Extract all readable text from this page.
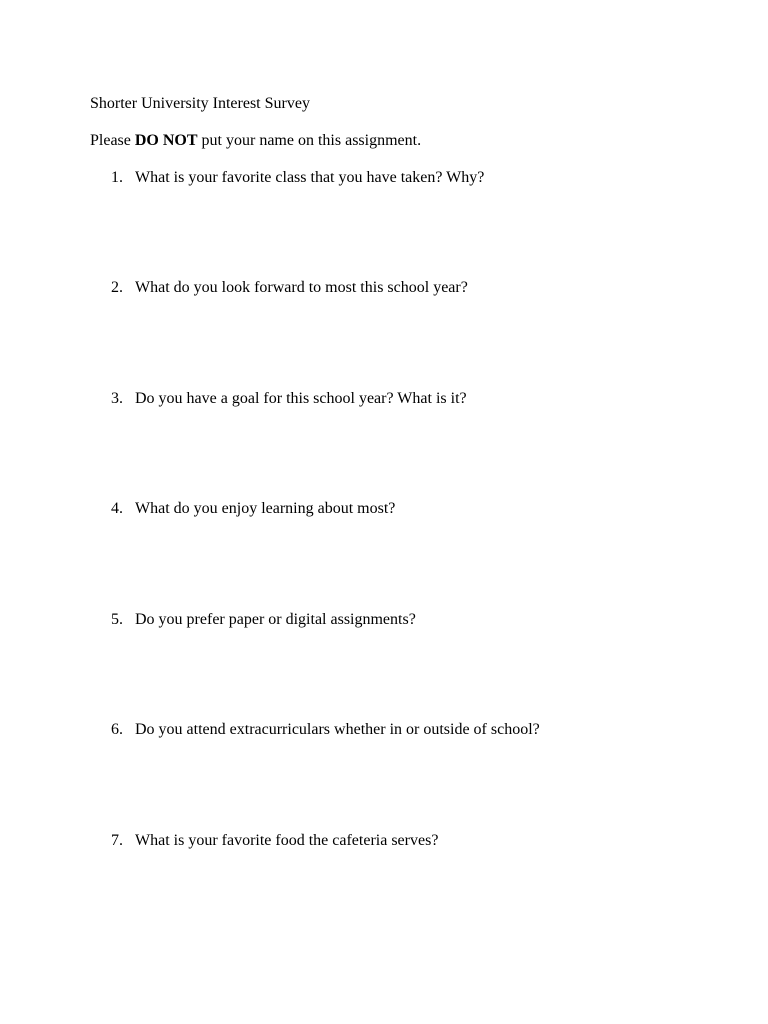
Shorter University Interest Survey
Please DO NOT put your name on this assignment.
1. What is your favorite class that you have taken? Why?
2. What do you look forward to most this school year?
3. Do you have a goal for this school year? What is it?
4. What do you enjoy learning about most?
5. Do you prefer paper or digital assignments?
6. Do you attend extracurriculars whether in or outside of school?
7. What is your favorite food the cafeteria serves?
